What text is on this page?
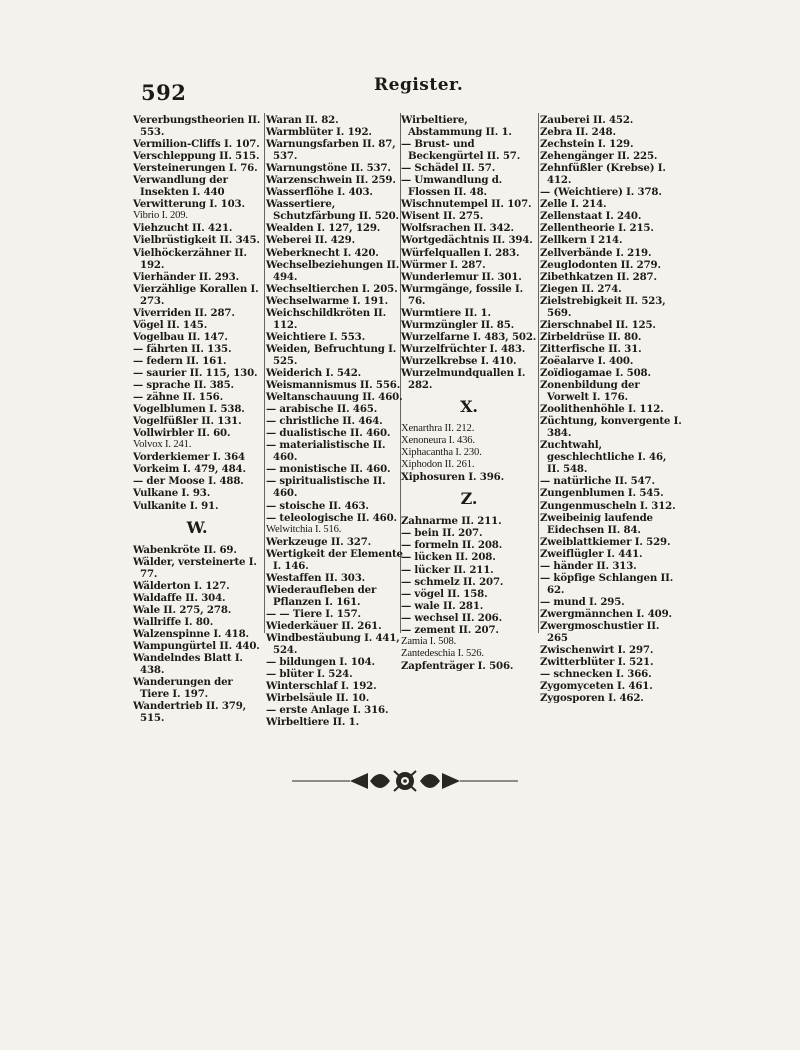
592	Register.
Vererbungstheorien II. 553.
Vermilion-Cliffs I. 107.
Verschleppung II. 515.
Versteinerungen I. 76.
Verwandlung der Insekten I. 440
Verwitterung I. 103.
Vibrio I. 209.
Viehzucht II. 421.
Vielbrüstigkeit II. 345.
Vielhöckerzähner II. 192.
Vierhänder II. 293.
Vierzählige Korallen I. 273.
Viverriden II. 287.
Vögel II. 145.
Vogelbau II. 147.
— fährten II. 135.
— federn II. 161.
— saurier II. 115, 130.
— sprache II. 385.
— zähne II. 156.
Vogelblumen I. 538.
Vogelfüßler II. 131.
Vollwirbler II. 60.
Volvox I. 241.
Vorderkiemer I. 364
Vorkeim I. 479, 484.
— der Moose I. 488.
Vulkane I. 93.
Vulkanite I. 91.
W.
Wabenkröte II. 69.
Wälder, versteinerte I. 77.
Wälderton I. 127.
Waldaffe II. 304.
Wale II. 275, 278.
Wallriffe I. 80.
Walzenspinne I. 418.
Wampungürtel II. 440.
Wandelndes Blatt I. 438.
Wanderungen der Tiere I. 197.
Wandertrieb II. 379, 515.
Waran II. 82.
Warmblüter I. 192.
Warnungsfarben II. 87, 537.
Warnungstöne II. 537.
Warzenschwein II. 259.
Wasserflöhe I. 403.
Wassertiere, Schutzfärbung II. 520.
Wealden I. 127, 129.
Weberei II. 429.
Weberknecht I. 420.
Wechselbeziehungen II. 494.
Wechseltierchen I. 205.
Wechselwarme I. 191.
Weichschildkröten II. 112.
Weichtiere I. 553.
Weiden, Befruchtung I. 525.
Weiderich I. 542.
Weismannismus II. 556.
Weltanschauung II. 460.
— arabische II. 465.
— christliche II. 464.
— dualistische II. 460.
— materialistische II. 460.
— monistische II. 460.
— spiritualistische II. 460.
— stoische II. 463.
— teleologische II. 460.
Welwitchia I. 516.
Werkzeuge II. 327.
Wertigkeit der Elemente I. 146.
Westaffen II. 303.
Wiederaufleben der Pflanzen I. 161.
— — Tiere I. 157.
Wiederkäuer II. 261.
Windbestäubung I. 441, 524.
— bildungen I. 104.
— blüter I. 524.
Winterschlaf I. 192.
Wirbelsäule II. 10.
— erste Anlage I. 316.
Wirbeltiere II. 1.
Wirbeltiere, Abstammung II. 1.
— Brust- und Beckengürtel II. 57.
— Schädel II. 57.
— Umwandlung d. Flossen II. 48.
Wischnutempel II. 107.
Wisent II. 275.
Wolfsrachen II. 342.
Wortgedächtnis II. 394.
Würfelquallen I. 283.
Würmer I. 287.
Wunderlemur II. 301.
Wurmgänge, fossile I. 76.
Wurmtiere II. 1.
Wurmzüngler II. 85.
Wurzelfarne I. 483, 502.
Wurzelfrüchter I. 483.
Wurzelkrebse I. 410.
Wurzelmundquallen I. 282.
X.
Xenarthra II. 212.
Xenoneura I. 436.
Xiphacantha I. 230.
Xiphodon II. 261.
Xiphosuren I. 396.
Z.
Zahnarme II. 211.
— bein II. 207.
— formeln II. 208.
— lücken II. 208.
— lücker II. 211.
— schmelz II. 207.
— vögel II. 158.
— wale II. 281.
— wechsel II. 206.
— zement II. 207.
Zamia I. 508.
Zantedeschia I. 526.
Zapfenträger I. 506.
Zauberei II. 452.
Zebra II. 248.
Zechstein I. 129.
Zehengänger II. 225.
Zehnfüßler (Krebse) I. 412.
— (Weichtiere) I. 378.
Zelle I. 214.
Zellenstaat I. 240.
Zellentheorie I. 215.
Zellkern I 214.
Zellverbände I. 219.
Zeuglodonten II. 279.
Zibethkatzen II. 287.
Ziegen II. 274.
Zielstrebigkeit II. 523, 569.
Zierschnabel II. 125.
Zirbeldrüse II. 80.
Zitterfische II. 31.
Zoëalarve I. 400.
Zoïdiogamae I. 508.
Zonenbildung der Vorwelt I. 176.
Zoolithenhöhle I. 112.
Züchtung, konvergente I. 384.
Zuchtwahl, geschlechtliche I. 46, II. 548.
— natürliche II. 547.
Zungenblumen I. 545.
Zungenmuscheln I. 312.
Zweibeinig laufende Eidechsen II. 84.
Zweiblattkiemer I. 529.
Zweiflügler I. 441.
— händer II. 313.
— köpfige Schlangen II. 62.
— mund I. 295.
Zwergmännchen I. 409.
Zwergmoschustier II. 265
Zwischenwirt I. 297.
Zwitterblüter I. 521.
— schnecken I. 366.
Zygomyceten I. 461.
Zygosporen I. 462.
